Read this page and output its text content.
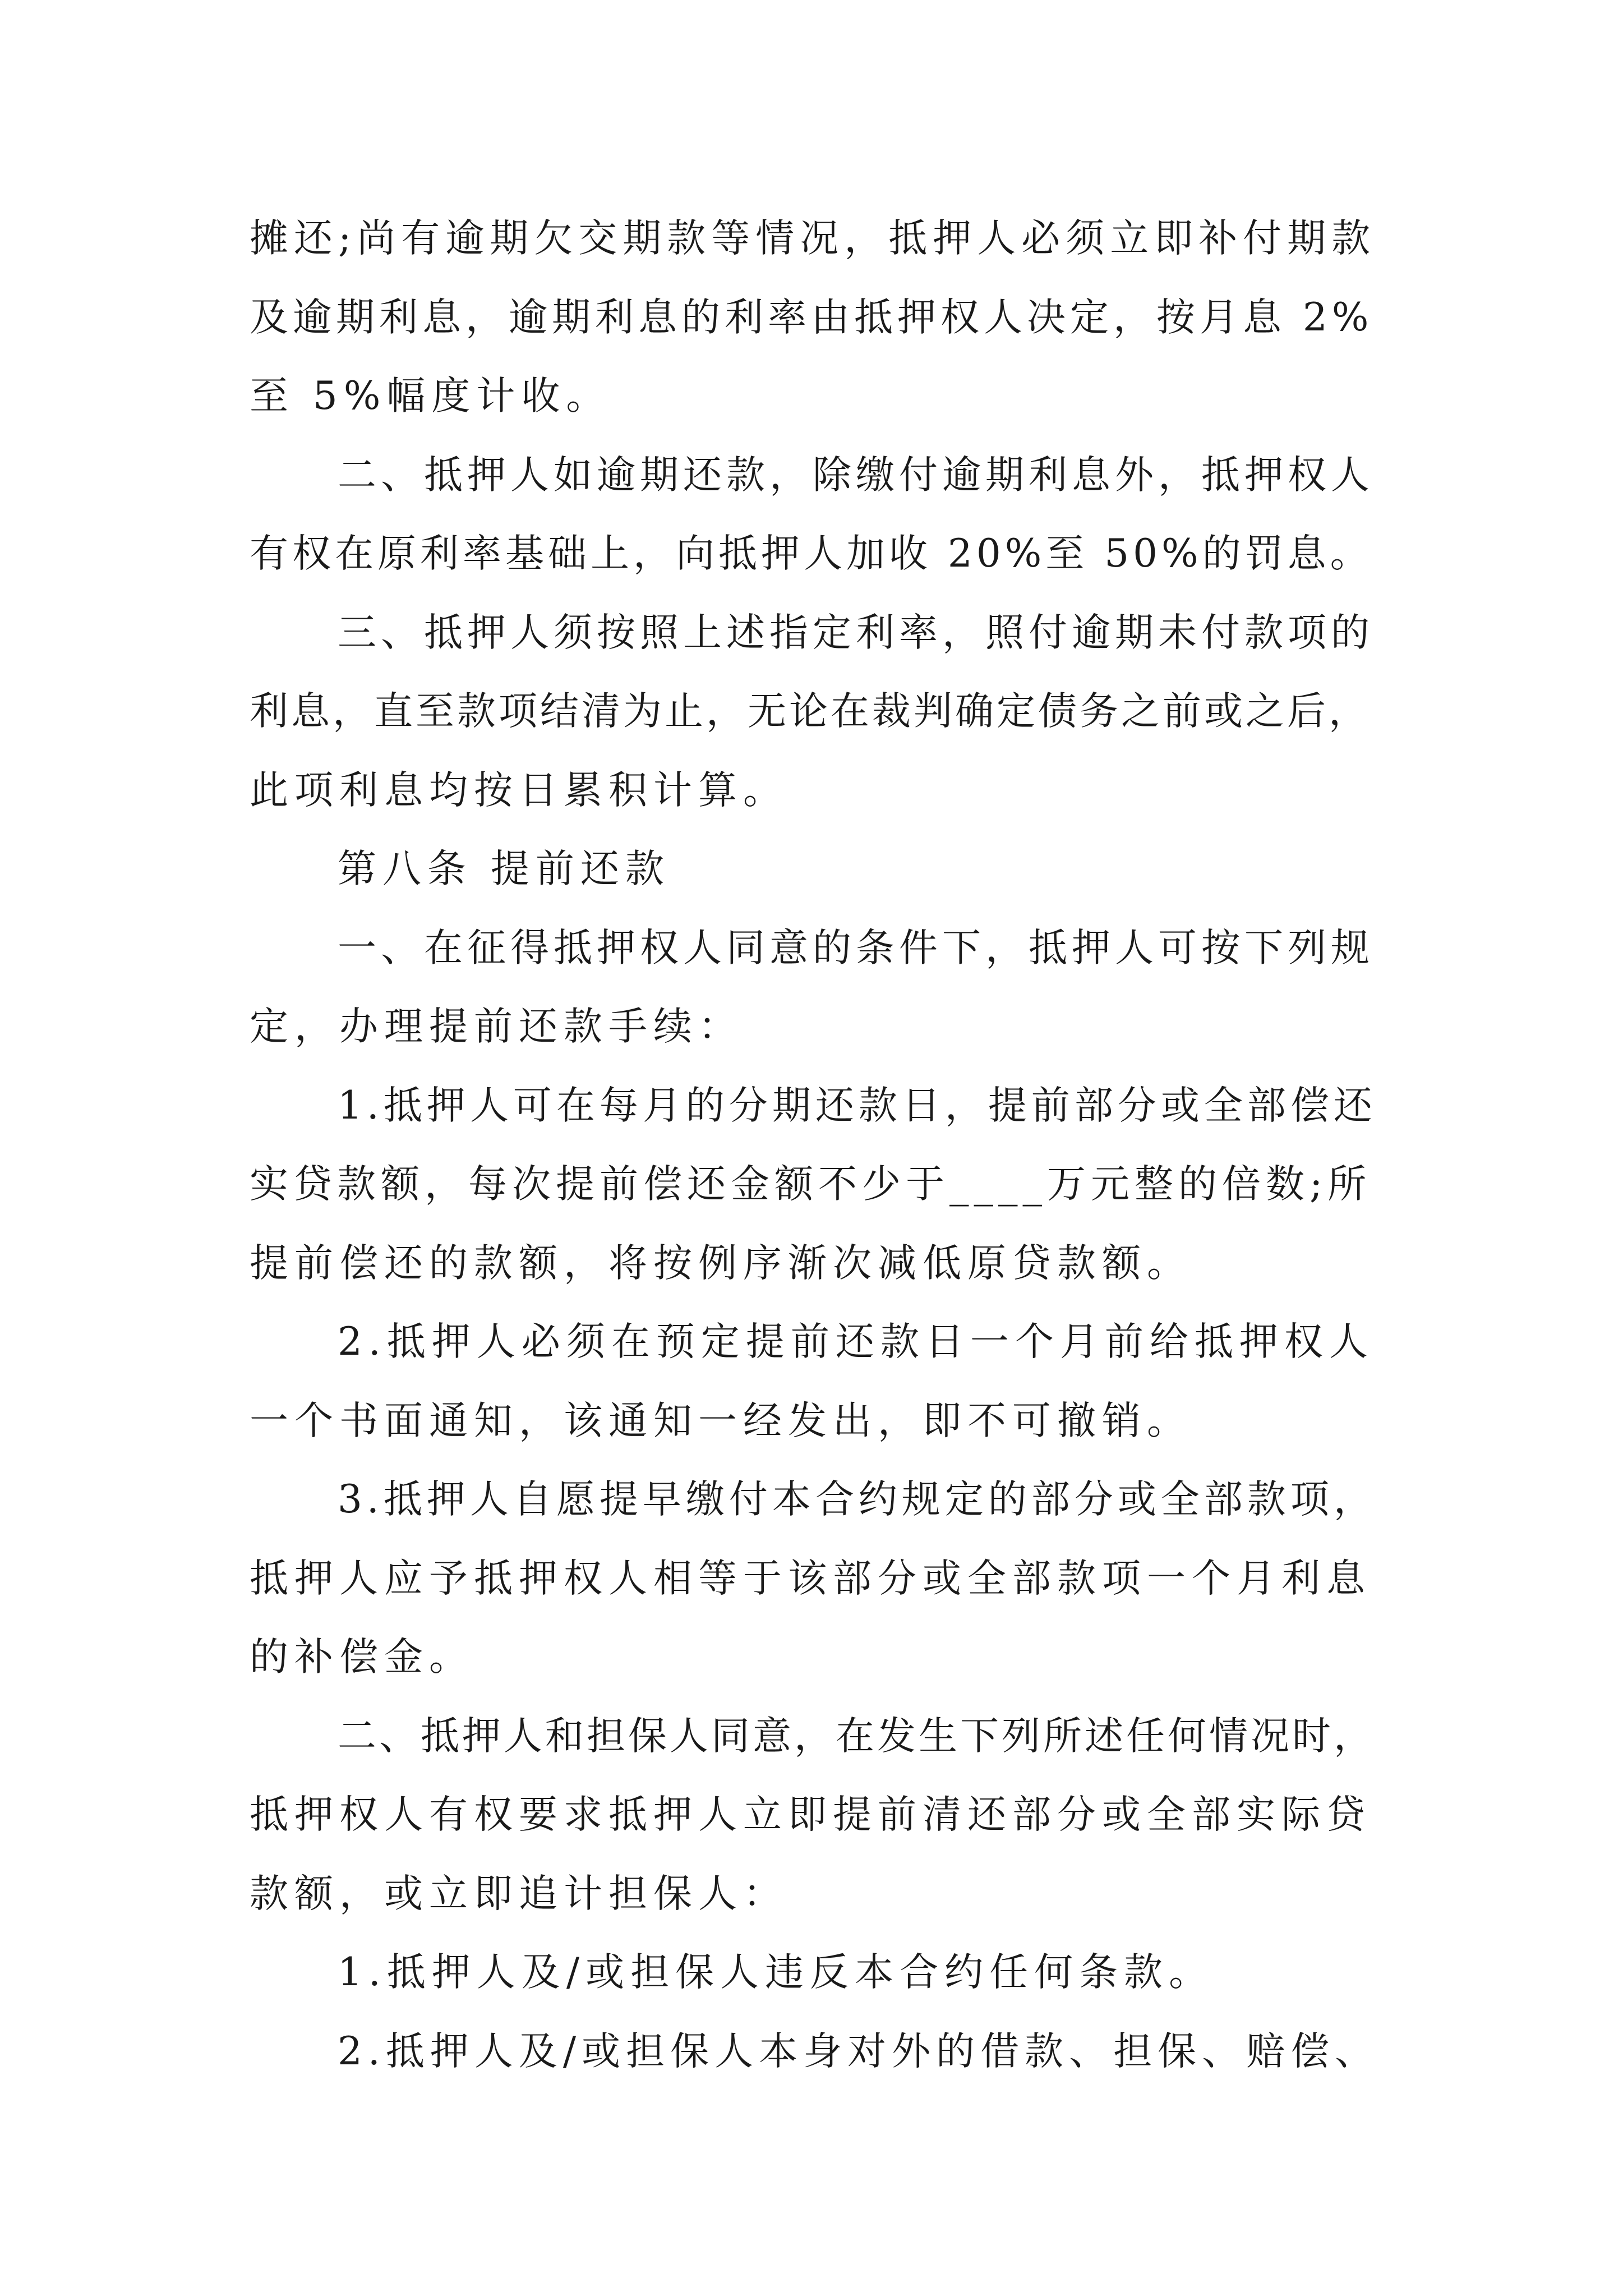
摊还;尚有逾期欠交期款等情况，抵押人必须立即补付期款
及逾期利息，逾期利息的利率由抵押权人决定，按月息 2%
至 5%幅度计收。
二、抵押人如逾期还款，除缴付逾期利息外，抵押权人
有权在原利率基础上，向抵押人加收 20%至 50%的罚息。
三、抵押人须按照上述指定利率，照付逾期未付款项的
利息，直至款项结清为止，无论在裁判确定债务之前或之后，
此项利息均按日累积计算。
第八条 提前还款
一、在征得抵押权人同意的条件下，抵押人可按下列规
定，办理提前还款手续：
1.抵押人可在每月的分期还款日，提前部分或全部偿还
实贷款额，每次提前偿还金额不少于____万元整的倍数;所
提前偿还的款额，将按例序渐次减低原贷款额。
2.抵押人必须在预定提前还款日一个月前给抵押权人
一个书面通知，该通知一经发出，即不可撤销。
3.抵押人自愿提早缴付本合约规定的部分或全部款项，
抵押人应予抵押权人相等于该部分或全部款项一个月利息
的补偿金。
二、抵押人和担保人同意，在发生下列所述任何情况时，
抵押权人有权要求抵押人立即提前清还部分或全部实际贷
款额，或立即追计担保人：
1.抵押人及/或担保人违反本合约任何条款。
2.抵押人及/或担保人本身对外的借款、担保、赔偿、
